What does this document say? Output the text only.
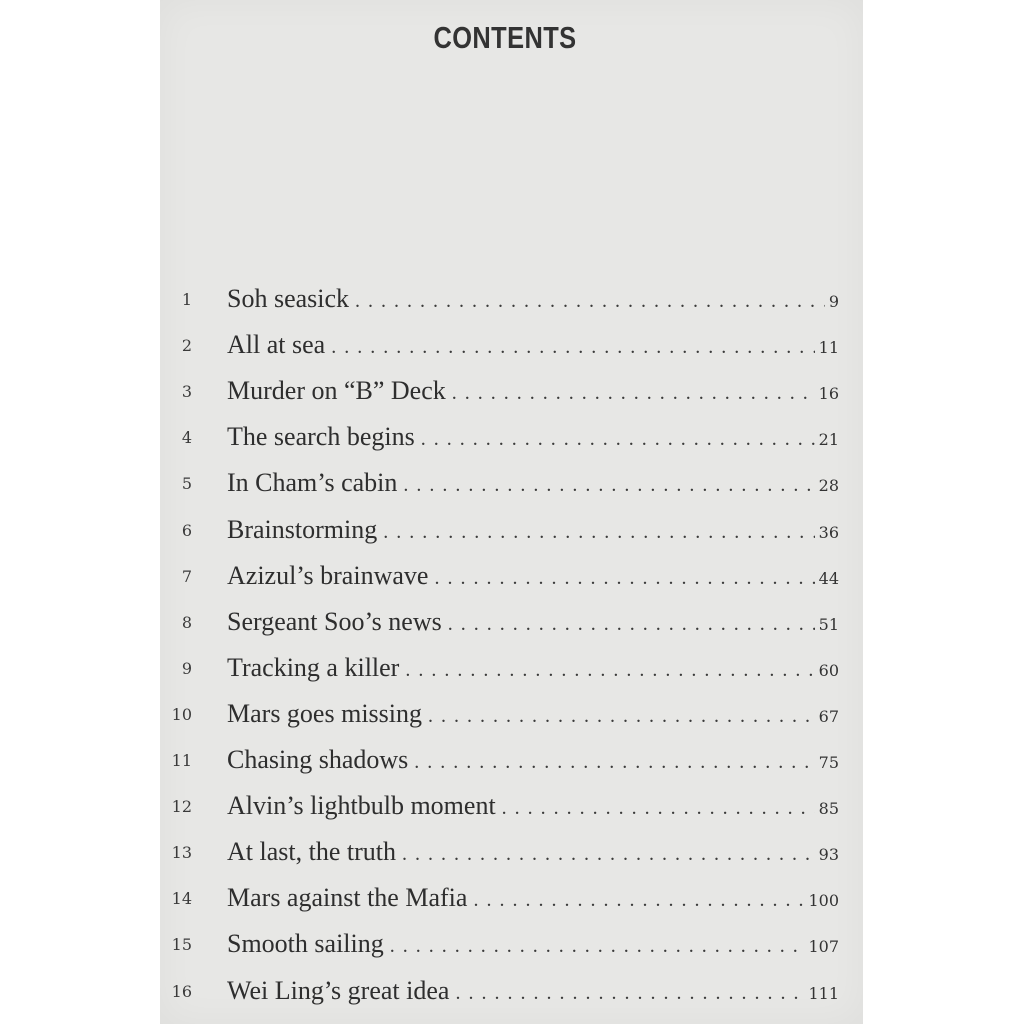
CONTENTS
1 Soh seasick . . .	9
2 All at sea . . .	11
3 Murder on “B” Deck . . .	16
4 The search begins . . .	21
5 In Cham’s cabin . . .	28
6 Brainstorming . . .	36
7 Azizul’s brainwave . . .	44
8 Sergeant Soo’s news . . .	51
9 Tracking a killer . . .	60
10 Mars goes missing . . .	67
11 Chasing shadows . . .	75
12 Alvin’s lightbulb moment . . .	85
13 At last, the truth . . .	93
14 Mars against the Mafia . . .	100
15 Smooth sailing . . .	107
16 Wei Ling’s great idea . . .	111
